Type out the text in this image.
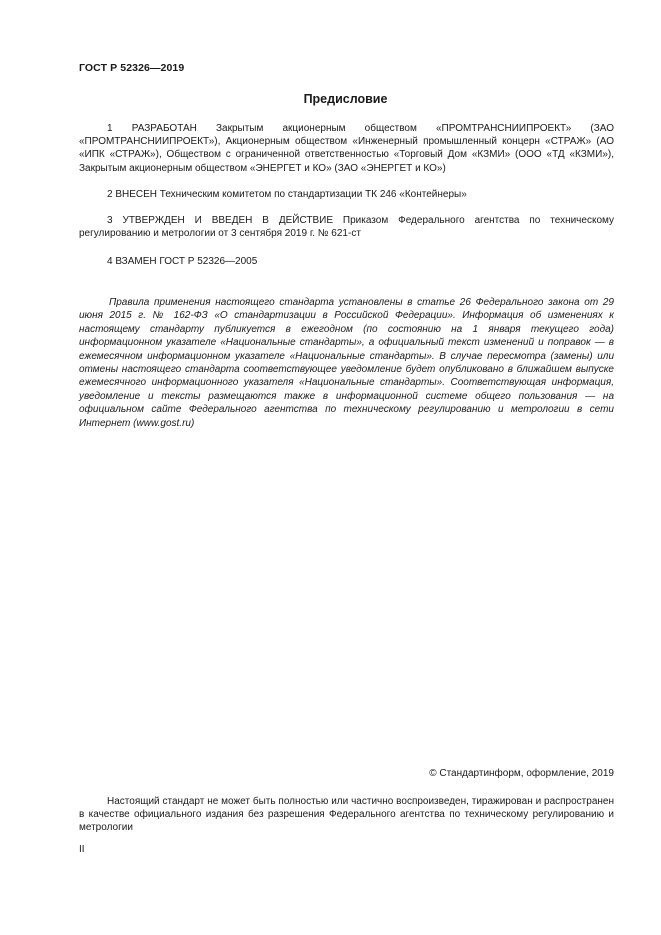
ГОСТ Р 52326—2019
Предисловие
1 РАЗРАБОТАН Закрытым акционерным обществом «ПРОМТРАНСНИИПРОЕКТ» (ЗАО «ПРОМТРАНСНИИПРОЕКТ»), Акционерным обществом «Инженерный промышленный концерн «СТРАЖ» (АО «ИПК «СТРАЖ»), Обществом с ограниченной ответственностью «Торговый Дом «КЗМИ» (ООО «ТД «КЗМИ»), Закрытым акционерным обществом «ЭНЕРГЕТ и КО» (ЗАО «ЭНЕРГЕТ и КО»)
2 ВНЕСЕН Техническим комитетом по стандартизации ТК 246 «Контейнеры»
3 УТВЕРЖДЕН И ВВЕДЕН В ДЕЙСТВИЕ Приказом Федерального агентства по техническому регулированию и метрологии от 3 сентября 2019 г. № 621-ст
4 ВЗАМЕН ГОСТ Р 52326—2005
Правила применения настоящего стандарта установлены в статье 26 Федерального закона от 29 июня 2015 г. № 162-ФЗ «О стандартизации в Российской Федерации». Информация об изменениях к настоящему стандарту публикуется в ежегодном (по состоянию на 1 января текущего года) информационном указателе «Национальные стандарты», а официальный текст изменений и поправок — в ежемесячном информационном указателе «Национальные стандарты». В случае пересмотра (замены) или отмены настоящего стандарта соответствующее уведомление будет опубликовано в ближайшем выпуске ежемесячного информационного указателя «Национальные стандарты». Соответствующая информация, уведомление и тексты размещаются также в информационной системе общего пользования — на официальном сайте Федерального агентства по техническому регулированию и метрологии в сети Интернет (www.gost.ru)
© Стандартинформ, оформление, 2019
Настоящий стандарт не может быть полностью или частично воспроизведен, тиражирован и распространен в качестве официального издания без разрешения Федерального агентства по техническому регулированию и метрологии
II
